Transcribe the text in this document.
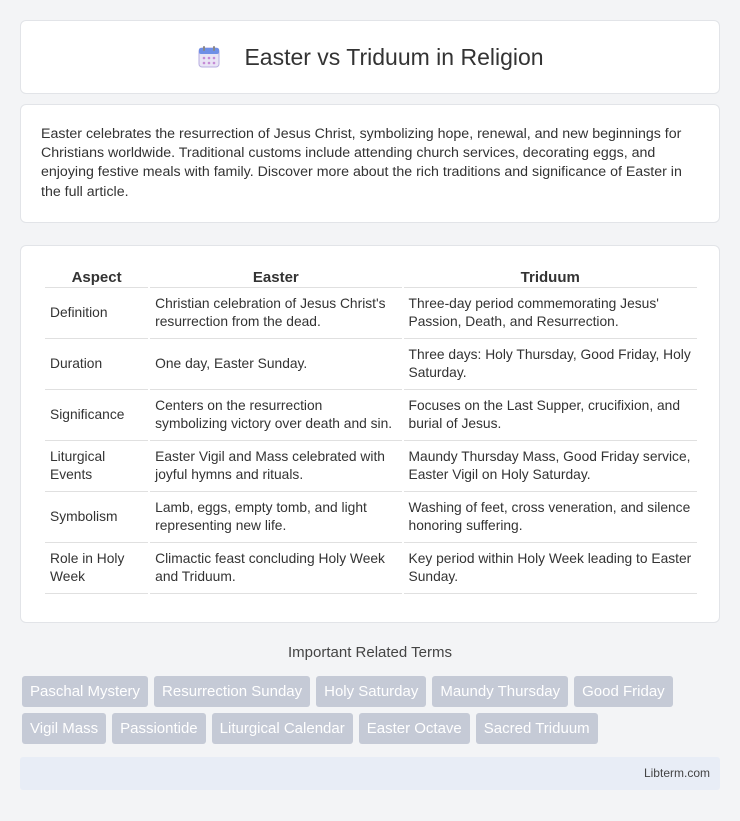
Easter vs Triduum in Religion

Easter celebrates the resurrection of Jesus Christ, symbolizing hope, renewal, and new beginnings for Christians worldwide. Traditional customs include attending church services, decorating eggs, and enjoying festive meals with family. Discover more about the rich traditions and significance of Easter in the full article.

Aspect	Easter	Triduum
Definition	Christian celebration of Jesus Christ's resurrection from the dead.	Three-day period commemorating Jesus' Passion, Death, and Resurrection.
Duration	One day, Easter Sunday.	Three days: Holy Thursday, Good Friday, Holy Saturday.
Significance	Centers on the resurrection symbolizing victory over death and sin.	Focuses on the Last Supper, crucifixion, and burial of Jesus.
Liturgical Events	Easter Vigil and Mass celebrated with joyful hymns and rituals.	Maundy Thursday Mass, Good Friday service, Easter Vigil on Holy Saturday.
Symbolism	Lamb, eggs, empty tomb, and light representing new life.	Washing of feet, cross veneration, and silence honoring suffering.
Role in Holy Week	Climactic feast concluding Holy Week and Triduum.	Key period within Holy Week leading to Easter Sunday.
Important Related Terms
Paschal Mystery	Resurrection Sunday	Holy Saturday	Maundy Thursday	Good Friday
Vigil Mass	Passiontide	Liturgical Calendar	Easter Octave	Sacred Triduum
Libterm.com
